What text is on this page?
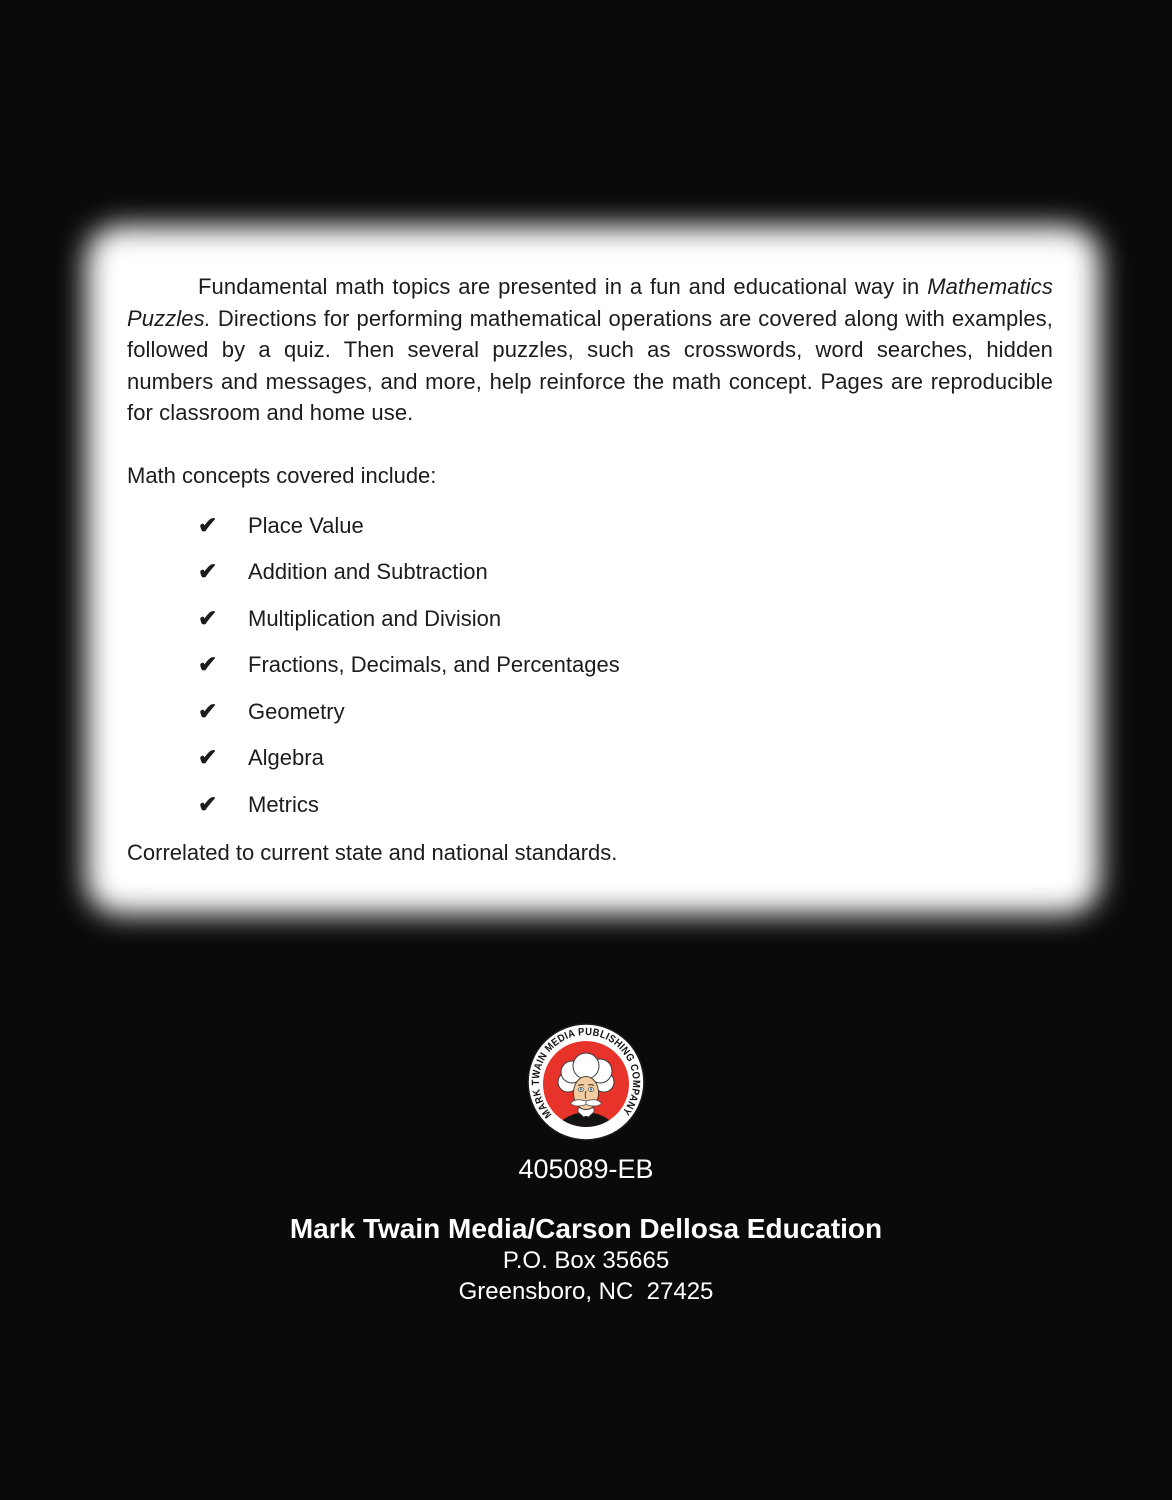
Fundamental math topics are presented in a fun and educational way in Mathematics Puzzles. Directions for performing mathematical operations are covered along with examples, followed by a quiz. Then several puzzles, such as crosswords, word searches, hidden numbers and messages, and more, help reinforce the math concept. Pages are reproducible for classroom and home use.

Math concepts covered include:

✔ Place Value
✔ Addition and Subtraction
✔ Multiplication and Division
✔ Fractions, Decimals, and Percentages
✔ Geometry
✔ Algebra
✔ Metrics

Correlated to current state and national standards.

MARK TWAIN MEDIA PUBLISHING COMPANY
405089-EB
Mark Twain Media/Carson Dellosa Education
P.O. Box 35665
Greensboro, NC  27425
